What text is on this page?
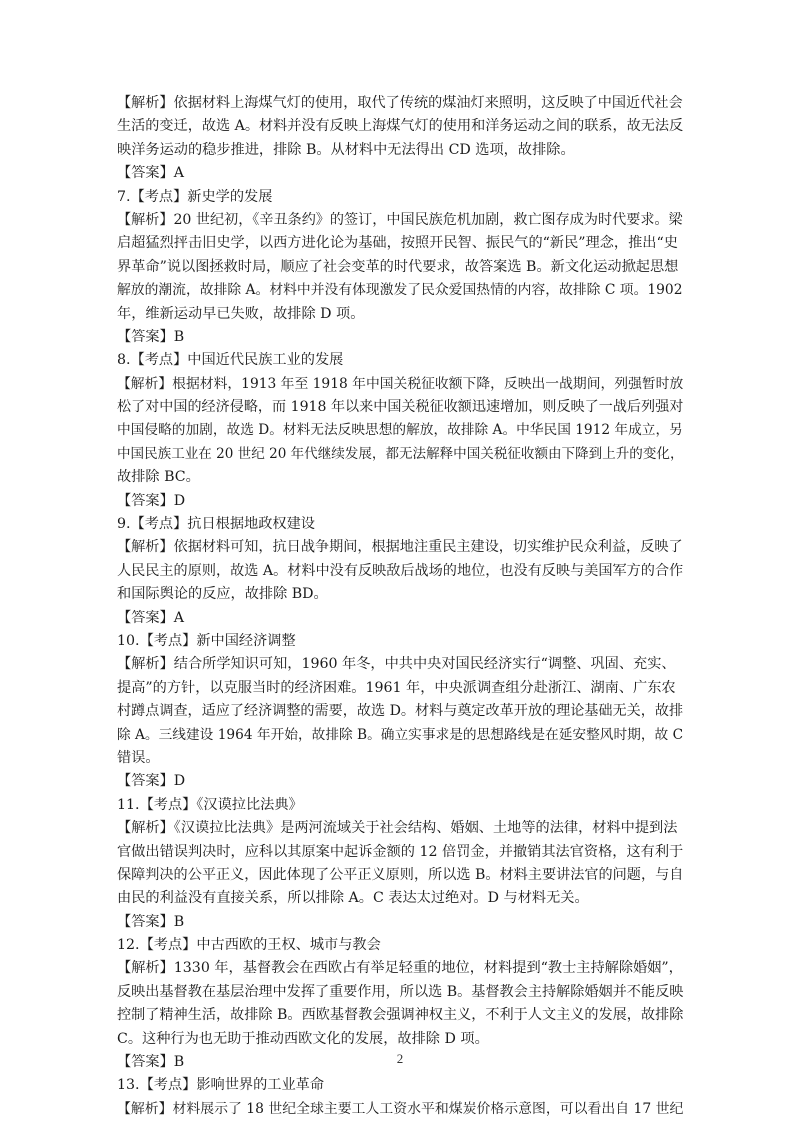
【解析】依据材料上海煤气灯的使用，取代了传统的煤油灯来照明，这反映了中国近代社会
生活的变迁，故选 A。材料并没有反映上海煤气灯的使用和洋务运动之间的联系，故无法反
映洋务运动的稳步推进，排除 B。从材料中无法得出 CD 选项，故排除。
【答案】A
7.【考点】新史学的发展
【解析】20 世纪初，《辛丑条约》的签订，中国民族危机加剧，救亡图存成为时代要求。梁
启超猛烈抨击旧史学，以西方进化论为基础，按照开民智、振民气的“新民”理念，推出“史
界革命”说以图拯救时局，顺应了社会变革的时代要求，故答案选 B。新文化运动掀起思想
解放的潮流，故排除 A。材料中并没有体现激发了民众爱国热情的内容，故排除 C 项。1902
年，维新运动早已失败，故排除 D 项。
【答案】B
8.【考点】中国近代民族工业的发展
【解析】根据材料，1913 年至 1918 年中国关税征收额下降，反映出一战期间，列强暂时放
松了对中国的经济侵略，而 1918 年以来中国关税征收额迅速增加，则反映了一战后列强对
中国侵略的加剧，故选 D。材料无法反映思想的解放，故排除 A。中华民国 1912 年成立，另
中国民族工业在 20 世纪 20 年代继续发展，都无法解释中国关税征收额由下降到上升的变化，
故排除 BC。
【答案】D
9.【考点】抗日根据地政权建设
【解析】依据材料可知，抗日战争期间，根据地注重民主建设，切实维护民众利益，反映了
人民民主的原则，故选 A。材料中没有反映敌后战场的地位，也没有反映与美国军方的合作
和国际舆论的反应，故排除 BD。
【答案】A
10.【考点】新中国经济调整
【解析】结合所学知识可知，1960 年冬，中共中央对国民经济实行“调整、巩固、充实、
提高”的方针，以克服当时的经济困难。1961 年，中央派调查组分赴浙江、湖南、广东农
村蹲点调查，适应了经济调整的需要，故选 D。材料与奠定改革开放的理论基础无关，故排
除 A。三线建设 1964 年开始，故排除 B。确立实事求是的思想路线是在延安整风时期，故 C
错误。
【答案】D
11.【考点】《汉谟拉比法典》
【解析】《汉谟拉比法典》是两河流域关于社会结构、婚姻、土地等的法律，材料中提到法
官做出错误判决时，应科以其原案中起诉金额的 12 倍罚金，并撤销其法官资格，这有利于
保障判决的公平正义，因此体现了公平正义原则，所以选 B。材料主要讲法官的问题，与自
由民的利益没有直接关系，所以排除 A。C 表达太过绝对。D 与材料无关。
【答案】B
12.【考点】中古西欧的王权、城市与教会
【解析】1330 年，基督教会在西欧占有举足轻重的地位，材料提到“教士主持解除婚姻”，
反映出基督教在基层治理中发挥了重要作用，所以选 B。基督教会主持解除婚姻并不能反映
控制了精神生活，故排除 B。西欧基督教会强调神权主义，不利于人文主义的发展，故排除
C。这种行为也无助于推动西欧文化的发展，故排除 D 项。
【答案】B
13.【考点】影响世界的工业革命
【解析】材料展示了 18 世纪全球主要工人工资水平和煤炭价格示意图，可以看出自 17 世纪
2
